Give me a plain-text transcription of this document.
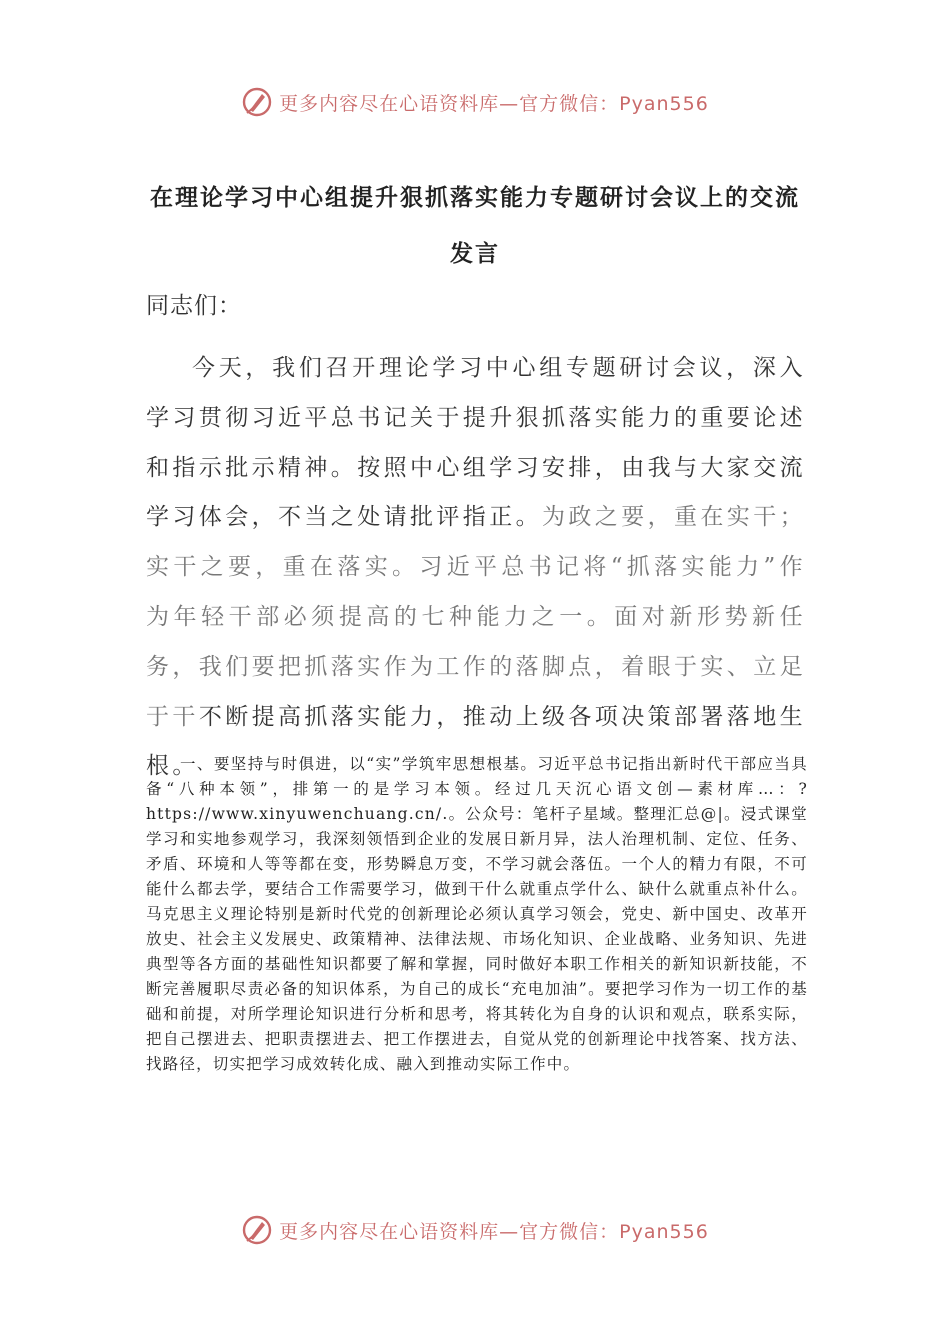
更多内容尽在心语资料库—官方微信：Pyan556
在理论学习中心组提升狠抓落实能力专题研讨会议上的交流发言
同志们：

今天，我们召开理论学习中心组专题研讨会议，深入学习贯彻习近平总书记关于提升狠抓落实能力的重要论述和指示批示精神。按照中心组学习安排，由我与大家交流学习体会，不当之处请批评指正。为政之要，重在实干；实干之要，重在落实。习近平总书记将“抓落实能力”作为年轻干部必须提高的七种能力之一。面对新形势新任务，我们要把抓落实作为工作的落脚点，着眼于实、立足于干不断提高抓落实能力，推动上级各项决策部署落地生根。

一、要坚持与时俱进，以“实”学筑牢思想根基。习近平总书记指出新时代干部应当具备“八种本领”，排第一的是学习本领。经过几天沉心语文创—素材库…：?https://www.xinyuwenchuang.cn/.。公众号：笔杆子星域。整理汇总@|。浸式课堂学习和实地参观学习，我深刻领悟到企业的发展日新月异，法人治理机制、定位、任务、矛盾、环境和人等等都在变，形势瞬息万变，不学习就会落伍。一个人的精力有限，不可能什么都去学，要结合工作需要学习，做到干什么就重点学什么、缺什么就重点补什么。马克思主义理论特别是新时代党的创新理论必须认真学习领会，党史、新中国史、改革开放史、社会主义发展史、政策精神、法律法规、市场化知识、企业战略、业务知识、先进典型等各方面的基础性知识都要了解和掌握，同时做好本职工作相关的新知识新技能，不断完善履职尽责必备的知识体系，为自己的成长“充电加油”。要把学习作为一切工作的基础和前提，对所学理论知识进行分析和思考，将其转化为自身的认识和观点，联系实际，把自己摆进去、把职责摆进去、把工作摆进去，自觉从党的创新理论中找答案、找方法、找路径，切实把学习成效转化成、融入到推动实际工作中。

更多内容尽在心语资料库—官方微信：Pyan556
